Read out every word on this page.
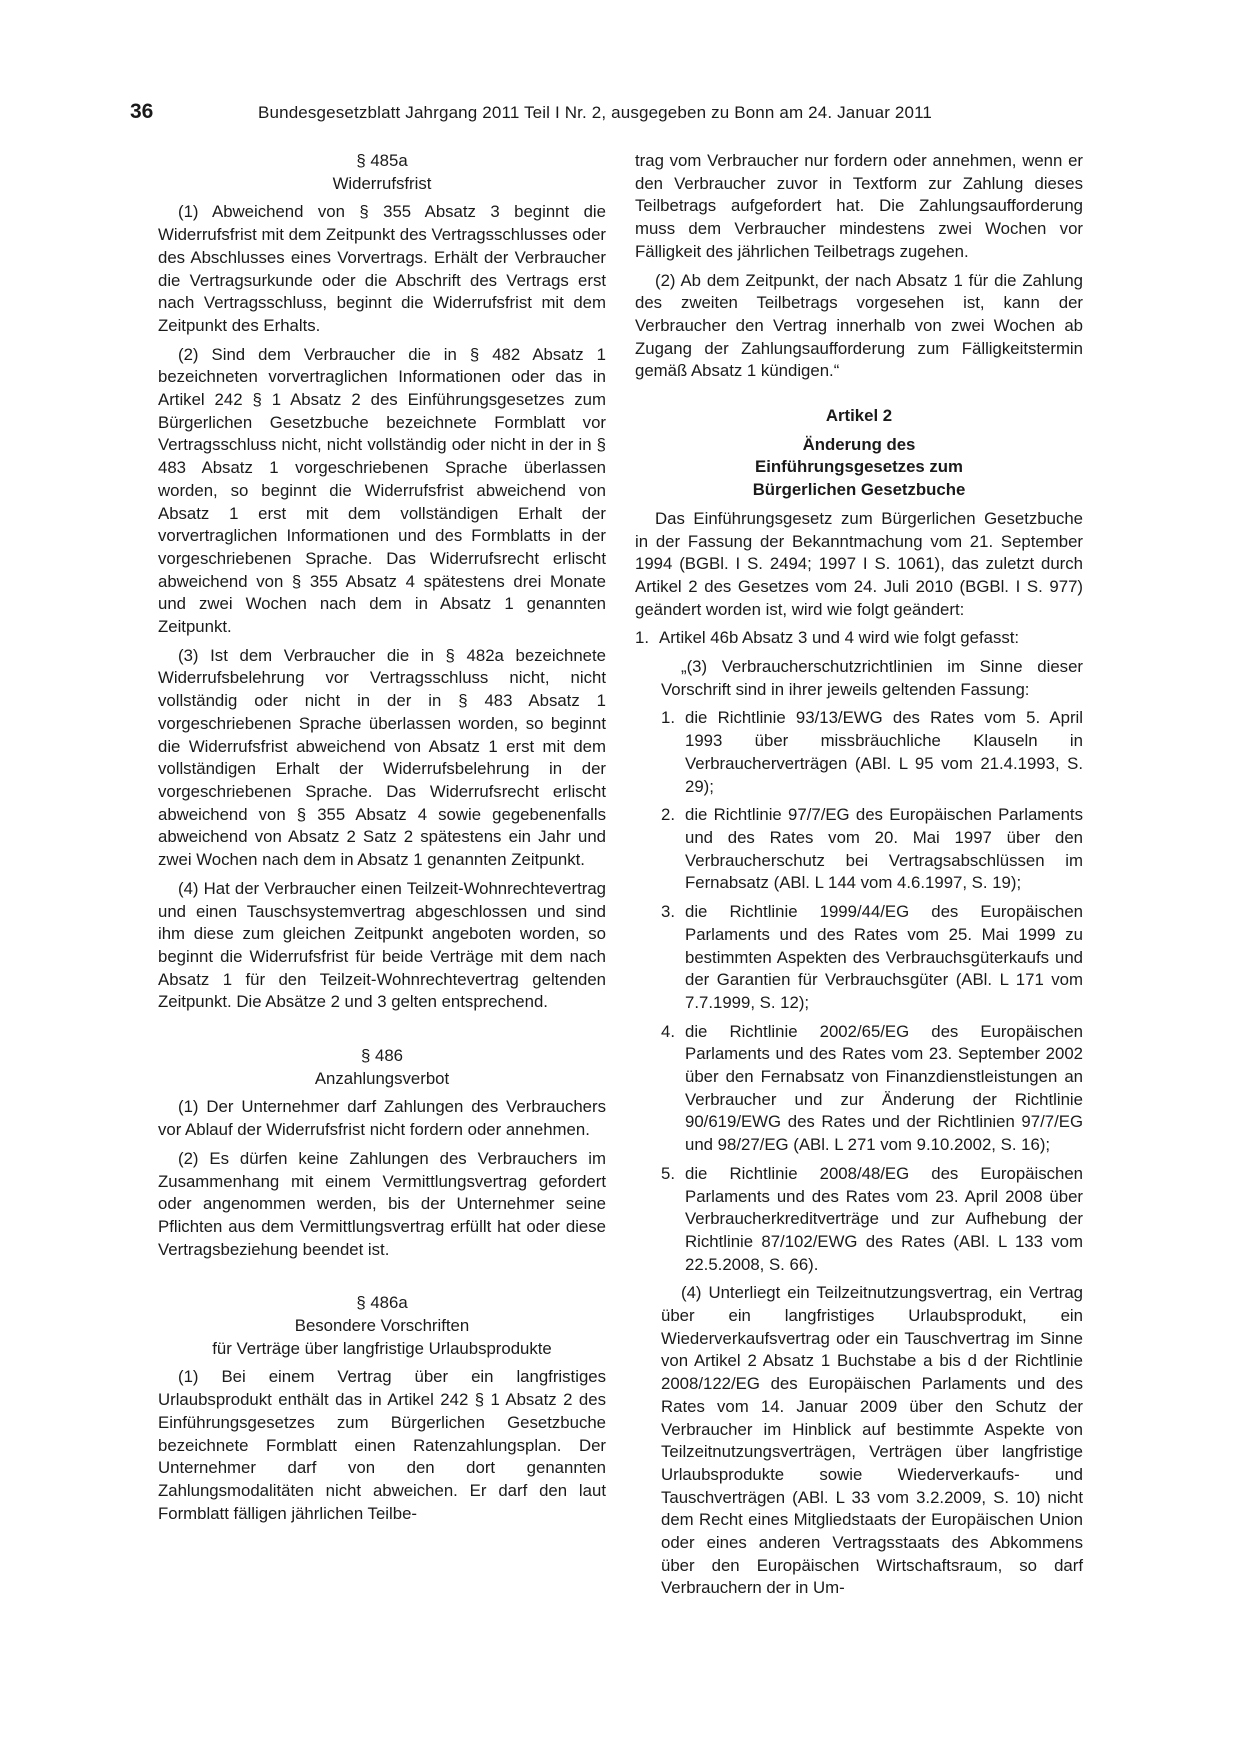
36	Bundesgesetzblatt Jahrgang 2011 Teil I Nr. 2, ausgegeben zu Bonn am 24. Januar 2011

§ 485a

Widerrufsfrist

(1) Abweichend von § 355 Absatz 3 beginnt die Widerrufsfrist mit dem Zeitpunkt des Vertragsschlusses oder des Abschlusses eines Vorvertrags. Erhält der Verbraucher die Vertragsurkunde oder die Abschrift des Vertrags erst nach Vertragsschluss, beginnt die Widerrufsfrist mit dem Zeitpunkt des Erhalts.

(2) Sind dem Verbraucher die in § 482 Absatz 1 bezeichneten vorvertraglichen Informationen oder das in Artikel 242 § 1 Absatz 2 des Einführungsgesetzes zum Bürgerlichen Gesetzbuche bezeichnete Formblatt vor Vertragsschluss nicht, nicht vollständig oder nicht in der in § 483 Absatz 1 vorgeschriebenen Sprache überlassen worden, so beginnt die Widerrufsfrist abweichend von Absatz 1 erst mit dem vollständigen Erhalt der vorvertraglichen Informationen und des Formblatts in der vorgeschriebenen Sprache. Das Widerrufsrecht erlischt abweichend von § 355 Absatz 4 spätestens drei Monate und zwei Wochen nach dem in Absatz 1 genannten Zeitpunkt.

(3) Ist dem Verbraucher die in § 482a bezeichnete Widerrufsbelehrung vor Vertragsschluss nicht, nicht vollständig oder nicht in der in § 483 Absatz 1 vorgeschriebenen Sprache überlassen worden, so beginnt die Widerrufsfrist abweichend von Absatz 1 erst mit dem vollständigen Erhalt der Widerrufsbelehrung in der vorgeschriebenen Sprache. Das Widerrufsrecht erlischt abweichend von § 355 Absatz 4 sowie gegebenenfalls abweichend von Absatz 2 Satz 2 spätestens ein Jahr und zwei Wochen nach dem in Absatz 1 genannten Zeitpunkt.

(4) Hat der Verbraucher einen Teilzeit-Wohnrechtevertrag und einen Tauschsystemvertrag abgeschlossen und sind ihm diese zum gleichen Zeitpunkt angeboten worden, so beginnt die Widerrufsfrist für beide Verträge mit dem nach Absatz 1 für den Teilzeit-Wohnrechtevertrag geltenden Zeitpunkt. Die Absätze 2 und 3 gelten entsprechend.

§ 486

Anzahlungsverbot

(1) Der Unternehmer darf Zahlungen des Verbrauchers vor Ablauf der Widerrufsfrist nicht fordern oder annehmen.

(2) Es dürfen keine Zahlungen des Verbrauchers im Zusammenhang mit einem Vermittlungsvertrag gefordert oder angenommen werden, bis der Unternehmer seine Pflichten aus dem Vermittlungsvertrag erfüllt hat oder diese Vertragsbeziehung beendet ist.

§ 486a

Besondere Vorschriften

für Verträge über langfristige Urlaubsprodukte

(1) Bei einem Vertrag über ein langfristiges Urlaubsprodukt enthält das in Artikel 242 § 1 Absatz 2 des Einführungsgesetzes zum Bürgerlichen Gesetzbuche bezeichnete Formblatt einen Ratenzahlungsplan. Der Unternehmer darf von den dort genannten Zahlungsmodalitäten nicht abweichen. Er darf den laut Formblatt fälligen jährlichen Teilbe-

trag vom Verbraucher nur fordern oder annehmen, wenn er den Verbraucher zuvor in Textform zur Zahlung dieses Teilbetrags aufgefordert hat. Die Zahlungsaufforderung muss dem Verbraucher mindestens zwei Wochen vor Fälligkeit des jährlichen Teilbetrags zugehen.

(2) Ab dem Zeitpunkt, der nach Absatz 1 für die Zahlung des zweiten Teilbetrags vorgesehen ist, kann der Verbraucher den Vertrag innerhalb von zwei Wochen ab Zugang der Zahlungsaufforderung zum Fälligkeitstermin gemäß Absatz 1 kündigen.“

Artikel 2

Änderung des

Einführungsgesetzes zum

Bürgerlichen Gesetzbuche

Das Einführungsgesetz zum Bürgerlichen Gesetzbuche in der Fassung der Bekanntmachung vom 21. September 1994 (BGBl. I S. 2494; 1997 I S. 1061), das zuletzt durch Artikel 2 des Gesetzes vom 24. Juli 2010 (BGBl. I S. 977) geändert worden ist, wird wie folgt geändert:

1. Artikel 46b Absatz 3 und 4 wird wie folgt gefasst:

„(3) Verbraucherschutzrichtlinien im Sinne dieser Vorschrift sind in ihrer jeweils geltenden Fassung:

1. die Richtlinie 93/13/EWG des Rates vom 5. April 1993 über missbräuchliche Klauseln in Verbraucherverträgen (ABl. L 95 vom 21.4.1993, S. 29);
2. die Richtlinie 97/7/EG des Europäischen Parlaments und des Rates vom 20. Mai 1997 über den Verbraucherschutz bei Vertragsabschlüssen im Fernabsatz (ABl. L 144 vom 4.6.1997, S. 19);
3. die Richtlinie 1999/44/EG des Europäischen Parlaments und des Rates vom 25. Mai 1999 zu bestimmten Aspekten des Verbrauchsgüterkaufs und der Garantien für Verbrauchsgüter (ABl. L 171 vom 7.7.1999, S. 12);
4. die Richtlinie 2002/65/EG des Europäischen Parlaments und des Rates vom 23. September 2002 über den Fernabsatz von Finanzdienstleistungen an Verbraucher und zur Änderung der Richtlinie 90/619/EWG des Rates und der Richtlinien 97/7/EG und 98/27/EG (ABl. L 271 vom 9.10.2002, S. 16);
5. die Richtlinie 2008/48/EG des Europäischen Parlaments und des Rates vom 23. April 2008 über Verbraucherkreditverträge und zur Aufhebung der Richtlinie 87/102/EWG des Rates (ABl. L 133 vom 22.5.2008, S. 66).

(4) Unterliegt ein Teilzeitnutzungsvertrag, ein Vertrag über ein langfristiges Urlaubsprodukt, ein Wiederverkaufsvertrag oder ein Tauschvertrag im Sinne von Artikel 2 Absatz 1 Buchstabe a bis d der Richtlinie 2008/122/EG des Europäischen Parlaments und des Rates vom 14. Januar 2009 über den Schutz der Verbraucher im Hinblick auf bestimmte Aspekte von Teilzeitnutzungsverträgen, Verträgen über langfristige Urlaubsprodukte sowie Wiederverkaufs- und Tauschverträgen (ABl. L 33 vom 3.2.2009, S. 10) nicht dem Recht eines Mitgliedstaats der Europäischen Union oder eines anderen Vertragsstaats des Abkommens über den Europäischen Wirtschaftsraum, so darf Verbrauchern der in Um-
